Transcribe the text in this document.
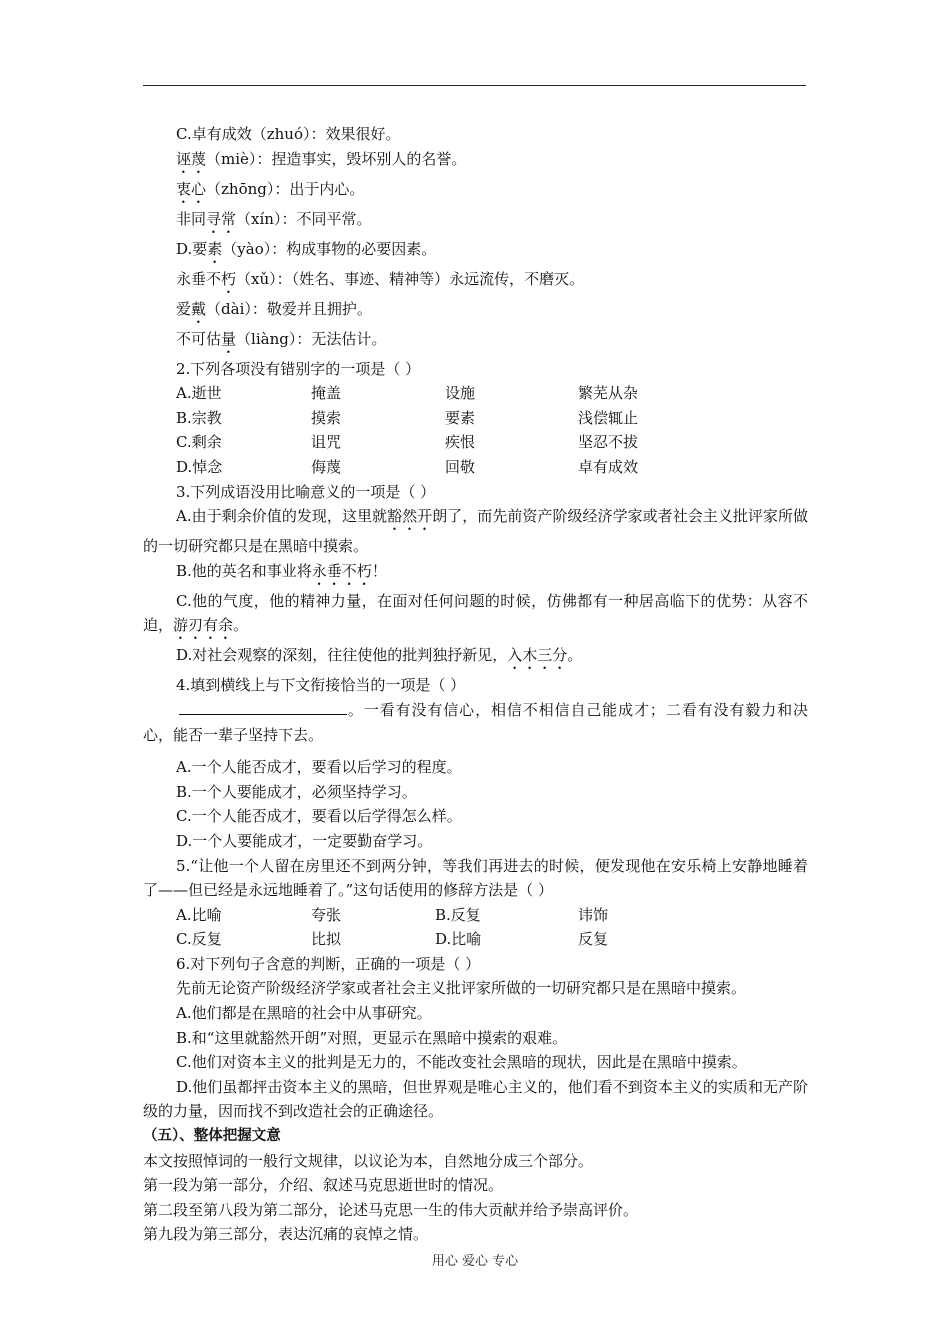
C.卓有成效（zhuó）：效果很好。
诬蔑（miè）：捏造事实，毁坏别人的名誉。
衷心（zhōng）：出于内心。
非同寻常（xín）：不同平常。
D.要素（yào）：构成事物的必要因素。
永垂不朽（xǔ）：（姓名、事迹、精神等）永远流传，不磨灭。
爱戴（dài）：敬爱并且拥护。
不可估量（liàng）：无法估计。
2.下列各项没有错别字的一项是（ ）
A.逝世	掩盖	设施	繁芜从杂
B.宗教	摸索	要素	浅偿辄止
C.剩余	诅咒	疾恨	坚忍不拔
D.悼念	侮蔑	回敬	卓有成效
3.下列成语没用比喻意义的一项是（ ）
A.由于剩余价值的发现，这里就豁然开朗了，而先前资产阶级经济学家或者社会主义批评家所做的一切研究都只是在黑暗中摸索。
B.他的英名和事业将永垂不朽！
C.他的气度，他的精神力量，在面对任何问题的时候，仿佛都有一种居高临下的优势：从容不迫，游刃有余。
D.对社会观察的深刻，往往使他的批判独抒新见，入木三分。
4.填到横线上与下文衔接恰当的一项是（ ）
。一看有没有信心，相信不相信自己能成才；二看有没有毅力和决心，能否一辈子坚持下去。
A.一个人能否成才，要看以后学习的程度。
B.一个人要能成才，必须坚持学习。
C.一个人能否成才，要看以后学得怎么样。
D.一个人要能成才，一定要勤奋学习。
5.“让他一个人留在房里还不到两分钟，等我们再进去的时候，便发现他在安乐椅上安静地睡着了——但已经是永远地睡着了。”这句话使用的修辞方法是（ ）
A.比喻	夸张	B.反复	讳饰
C.反复	比拟	D.比喻	反复
6.对下列句子含意的判断，正确的一项是（ ）
先前无论资产阶级经济学家或者社会主义批评家所做的一切研究都只是在黑暗中摸索。
A.他们都是在黑暗的社会中从事研究。
B.和“这里就豁然开朗”对照，更显示在黑暗中摸索的艰难。
C.他们对资本主义的批判是无力的，不能改变社会黑暗的现状，因此是在黑暗中摸索。
D.他们虽都抨击资本主义的黑暗，但世界观是唯心主义的，他们看不到资本主义的实质和无产阶级的力量，因而找不到改造社会的正确途径。
（五）、整体把握文意
本文按照悼词的一般行文规律，以议论为本，自然地分成三个部分。
第一段为第一部分，介绍、叙述马克思逝世时的情况。
第二段至第八段为第二部分，论述马克思一生的伟大贡献并给予崇高评价。
第九段为第三部分，表达沉痛的哀悼之情。
用心 爱心 专心
